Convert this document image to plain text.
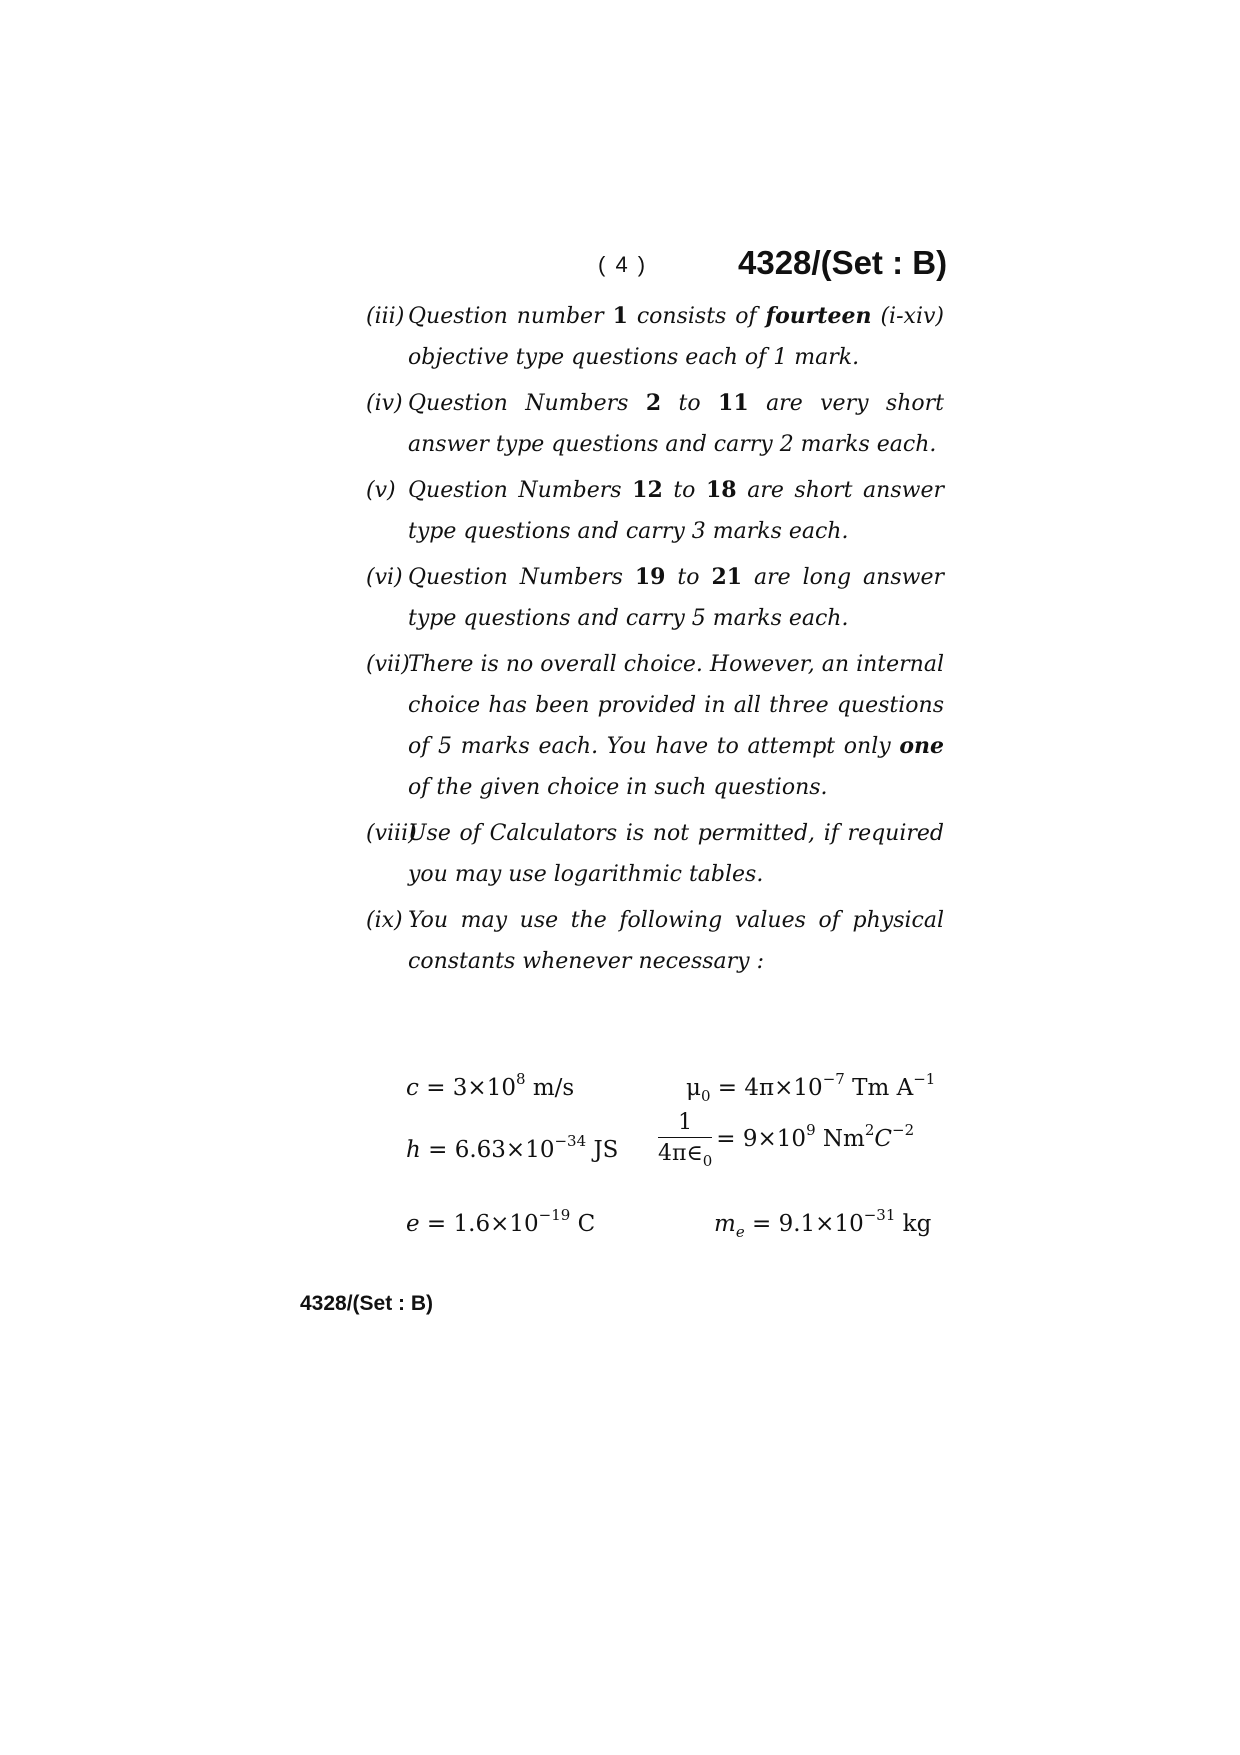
( 4 )	4328/(Set : B)
(iii) Question number 1 consists of fourteen (i-xiv) objective type questions each of 1 mark.
(iv) Question Numbers 2 to 11 are very short answer type questions and carry 2 marks each.
(v) Question Numbers 12 to 18 are short answer type questions and carry 3 marks each.
(vi) Question Numbers 19 to 21 are long answer type questions and carry 5 marks each.
(vii)
There is no overall choice. However, an internal choice has been provided in all three questions of 5 marks each. You have to attempt only one of the given choice in such questions.
(viii)
Use of Calculators is not permitted, if required you may use logarithmic tables.
(ix) You may use the following values of physical constants whenever necessary :
$c = 3\times 10^8$ m/s	$\mu_0 = 4\pi\times 10^{-7}$ Tm $A^{-1}$
$h = 6.63\times 10^{-34}$ JS $\frac{1}{4\pi\in_0} = 9\times 10^9$ $Nm^2C^{-2}$
$e = 1.6\times 10^{-19}$ C	$m_e = 9.1\times 10^{-31}$ kg
4328/(Set : B)
